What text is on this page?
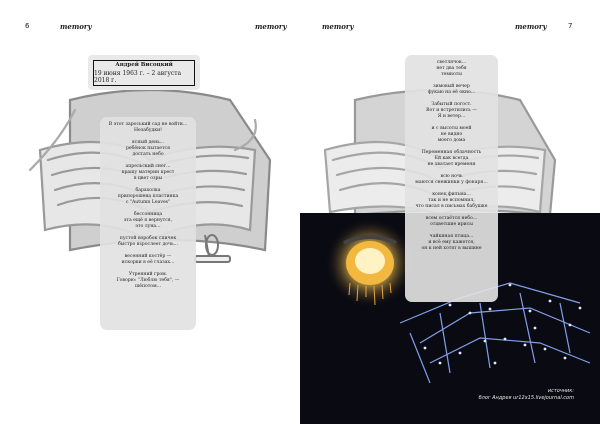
6	memory	memory
Андрей Висоцкий
19 июня 1963 г. – 2 августа 2018 г.
В этот зароський сад не войти...
Незабудки!
ясный день...
ребёнок пытается
достать небо
апрельский снег...
крашу материн крест
в цвет озры
барахолка
припорошена пластинка
с "Autumn Leaves"
бессонница
эта ещё я вернутся,
это луна...
пустой воробок спичек
быстро взрослеет дочь...
весенний костёр —
искорки в её глазах...
Утренний гром.
Говорю: "Люблю тебя", —
шёпотом...
memory	memory	7
источник:
блог Андрея ur12x15.livejournal.com
светлячок...
нет два тебя
темноты
зимовый вечер
фукаю на её окно...
Забытый погост.
Вот и встретились —
Я и ветер...
и с высоты моей
не видно
моего дома
Переменная облачность
Ей как всегда
не хватает времени
всю ночь
маются снежинки у фонаря...
конец фильма...
так и не вспомнил,
что писал в письмах бабушке
всем остаётся небо...
отцветшие ирисы
чайкиная птица...
и всё ему кажется,
он к ней хотят в вышине
